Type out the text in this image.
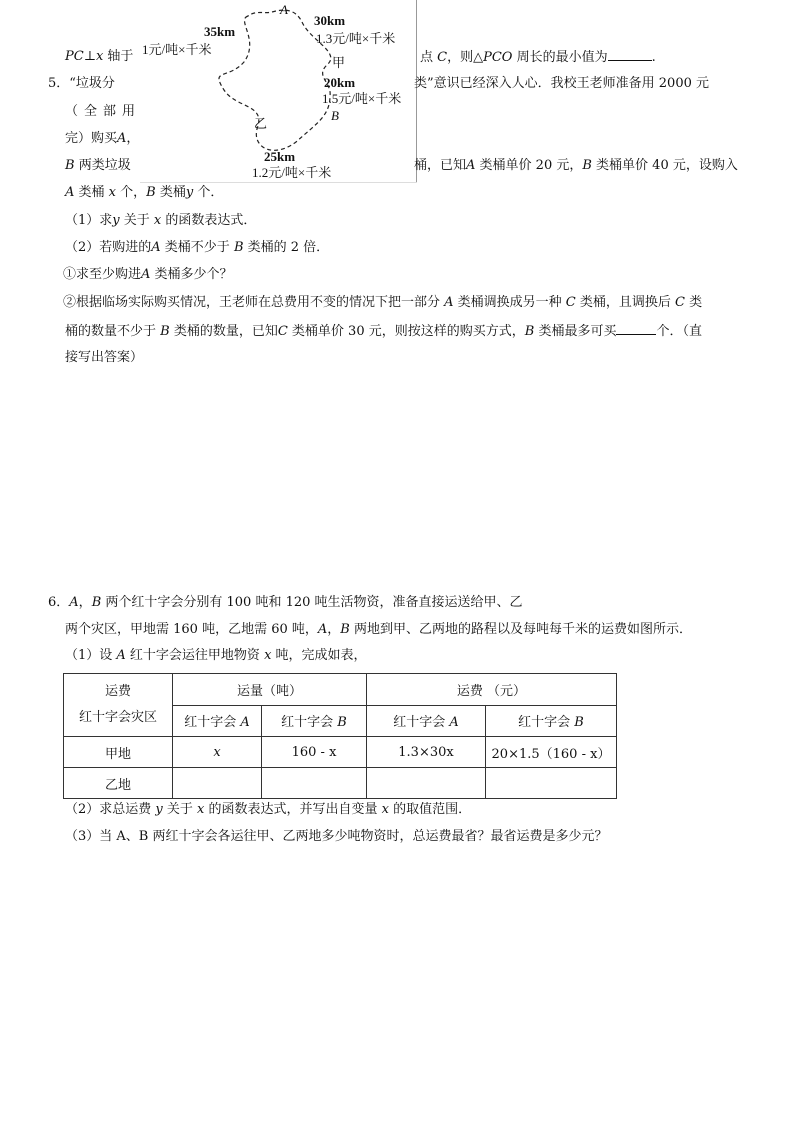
PC⊥x 轴于	点 C，则△PCO 周长的最小值为	.
A
35km
30km
1.3元/吨×千米
1元/吨×千米
甲
20km
1.5元/吨×千米
B
乙
25km
1.2元/吨×千米
5．“垃圾分	类”意识已经深入人心．我校王老师准备用 2000 元
（全部用
完）购买A，
B 两类垃圾	桶，已知A 类桶单价 20 元，B 类桶单价 40 元，设购入
A 类桶 x 个，B 类桶y 个．
（1）求y 关于 x 的函数表达式．
（2）若购进的A 类桶不少于 B 类桶的 2 倍．
①求至少购进A 类桶多少个？
②根据临场实际购买情况，王老师在总费用不变的情况下把一部分 A 类桶调换成另一种 C 类桶，且调换后 C 类
桶的数量不少于 B 类桶的数量，已知C 类桶单价 30 元，则按这样的购买方式，B 类桶最多可买	个．（直
接写出答案）
6．A，B 两个红十字会分别有 100 吨和 120 吨生活物资，准备直接运送给甲、乙
两个灾区，甲地需 160 吨，乙地需 60 吨，A，B 两地到甲、乙两地的路程以及每吨每千米的运费如图所示．
（1）设 A 红十字会运往甲地物资 x 吨，完成如表，
运费
红十字会灾区	运量（吨）		运费 （元）	
	红十字会 A	红十字会 B	红十字会 A	红十字会 B
甲地	x	160 - x	1.3×30x	20×1.5（160 - x）
乙地				
（2）求总运费 y 关于 x 的函数表达式，并写出自变量 x 的取值范围．
（3）当 A、B 两红十字会各运往甲、乙两地多少吨物资时，总运费最省？最省运费是多少元？
